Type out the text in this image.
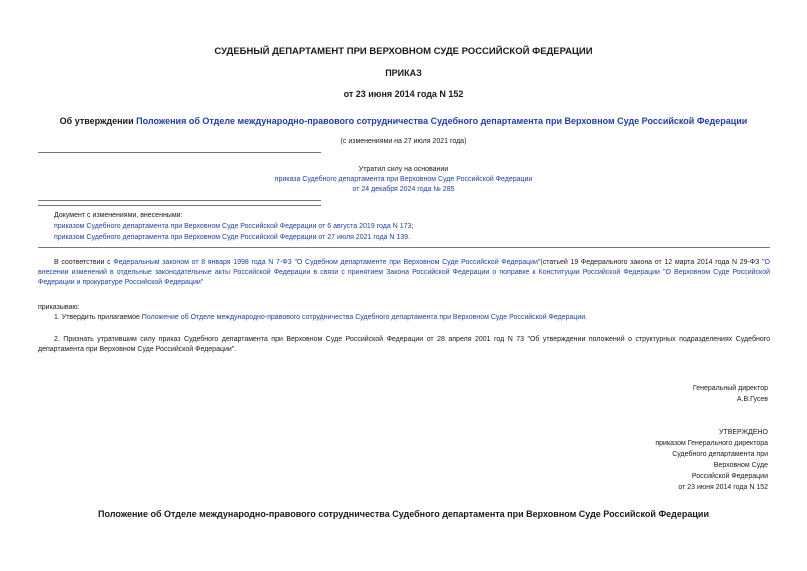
СУДЕБНЫЙ ДЕПАРТАМЕНТ ПРИ ВЕРХОВНОМ СУДЕ РОССИЙСКОЙ ФЕДЕРАЦИИ
ПРИКАЗ
от 23 июня 2014 года N 152
Об утверждении Положения об Отделе международно-правового сотрудничества Судебного департамента при Верховном Суде Российской Федерации
(с изменениями на 27 июля 2021 года)
Утратил силу на основании
приказа Судебного департамента при Верховном Суде Российской Федерации
от 24 декабря 2024 года № 285
Документ с изменениями, внесенными:
приказом Судебного департамента при Верховном Суде Российской Федерации от 6 августа 2019 года N 173;
приказом Судебного департамента при Верховном Суде Российской Федерации от 27 июля 2021 года N 139.
В соответствии с Федеральным законом от 8 января 1998 года N 7-ФЗ "О Судебном департаменте при Верховном Суде Российской Федерации"(статьей 19 Федерального закона от 12 марта 2014 года N 29-ФЗ "О внесении изменений в отдельные законодательные акты Российской Федерации в связи с принятием Закона Российской Федерации о поправке к Конституции Российской Федерации "О Верховном Суде Российской Федерации и прокуратуре Российской Федерации"
приказываю:
1. Утвердить прилагаемое Положение об Отделе международно-правового сотрудничества Судебного департамента при Верховном Суде Российской Федерации.
2. Признать утратившим силу приказ Судебного департамента при Верховном Суде Российской Федерации от 28 апреля 2001 год N 73 "Об утверждении положений о структурных подразделениях Судебного департамента при Верховном Суде Российской Федерации".
Генеральный директор
А.В.Гусев
УТВЕРЖДЕНО
приказом Генерального директора
Судебного департамента при
Верховном Суде
Российской Федерации
от 23 июня 2014 года N 152
Положение об Отделе международно-правового сотрудничества Судебного департамента при Верховном Суде Российской Федерации
